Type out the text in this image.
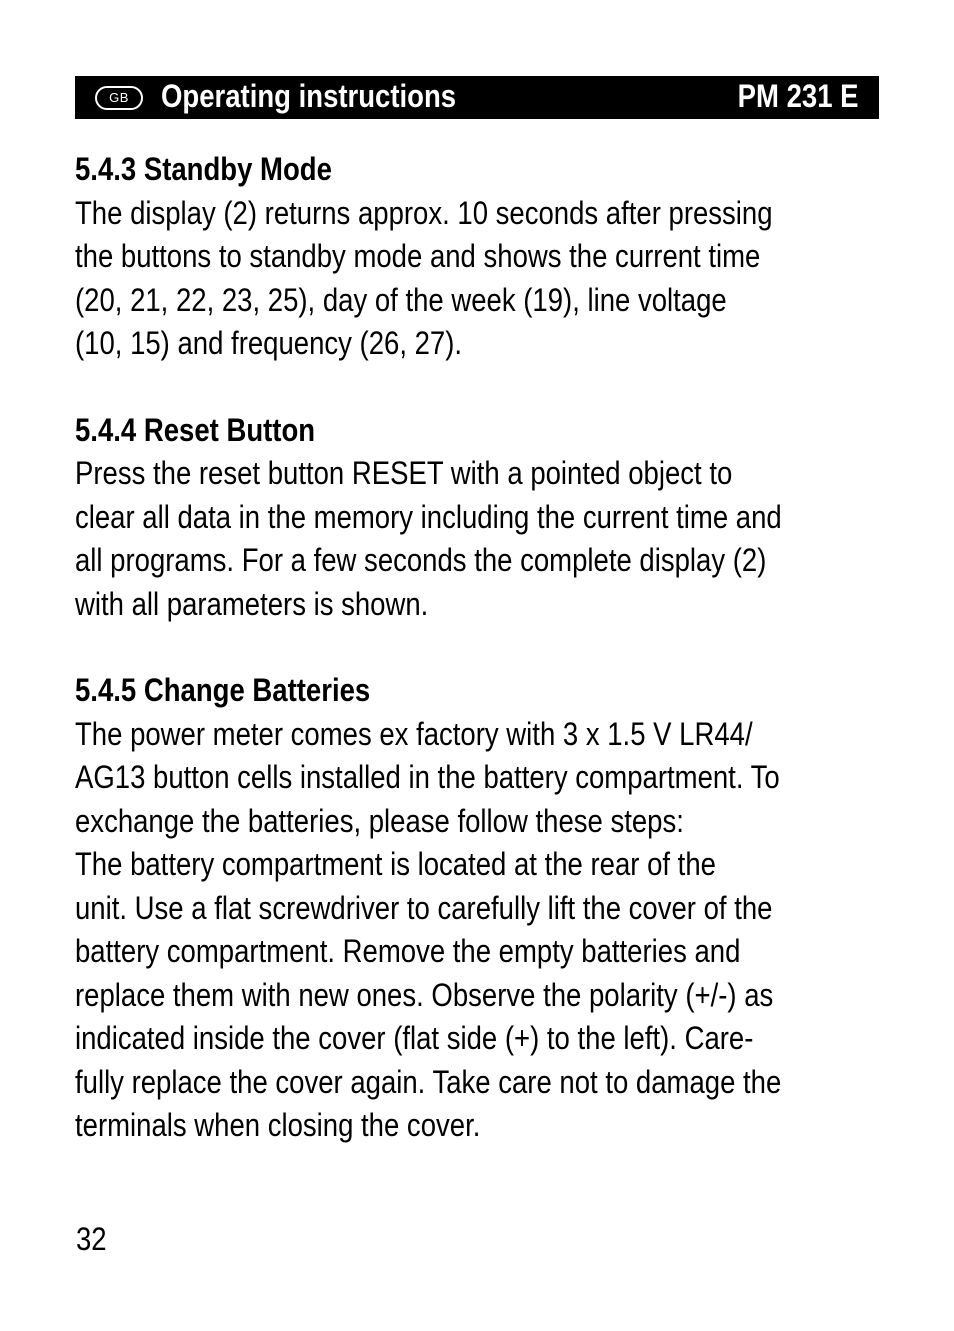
GB	Operating instructions	PM 231 E
5.4.3 Standby Mode
The display (2) returns approx. 10 seconds after pressing
the buttons to standby mode and shows the current time
(20, 21, 22, 23, 25), day of the week (19), line voltage
(10, 15) and frequency (26, 27).
5.4.4 Reset Button
Press the reset button RESET with a pointed object to
clear all data in the memory including the current time and
all programs. For a few seconds the complete display (2)
with all parameters is shown.
5.4.5 Change Batteries
The power meter comes ex factory with 3 x 1.5 V LR44/
AG13 button cells installed in the battery compartment. To
exchange the batteries, please follow these steps:
The battery compartment is located at the rear of the
unit. Use a flat screwdriver to carefully lift the cover of the
battery compartment. Remove the empty batteries and
replace them with new ones. Observe the polarity (+/-) as
indicated inside the cover (flat side (+) to the left). Care-
fully replace the cover again. Take care not to damage the
terminals when closing the cover.
32
